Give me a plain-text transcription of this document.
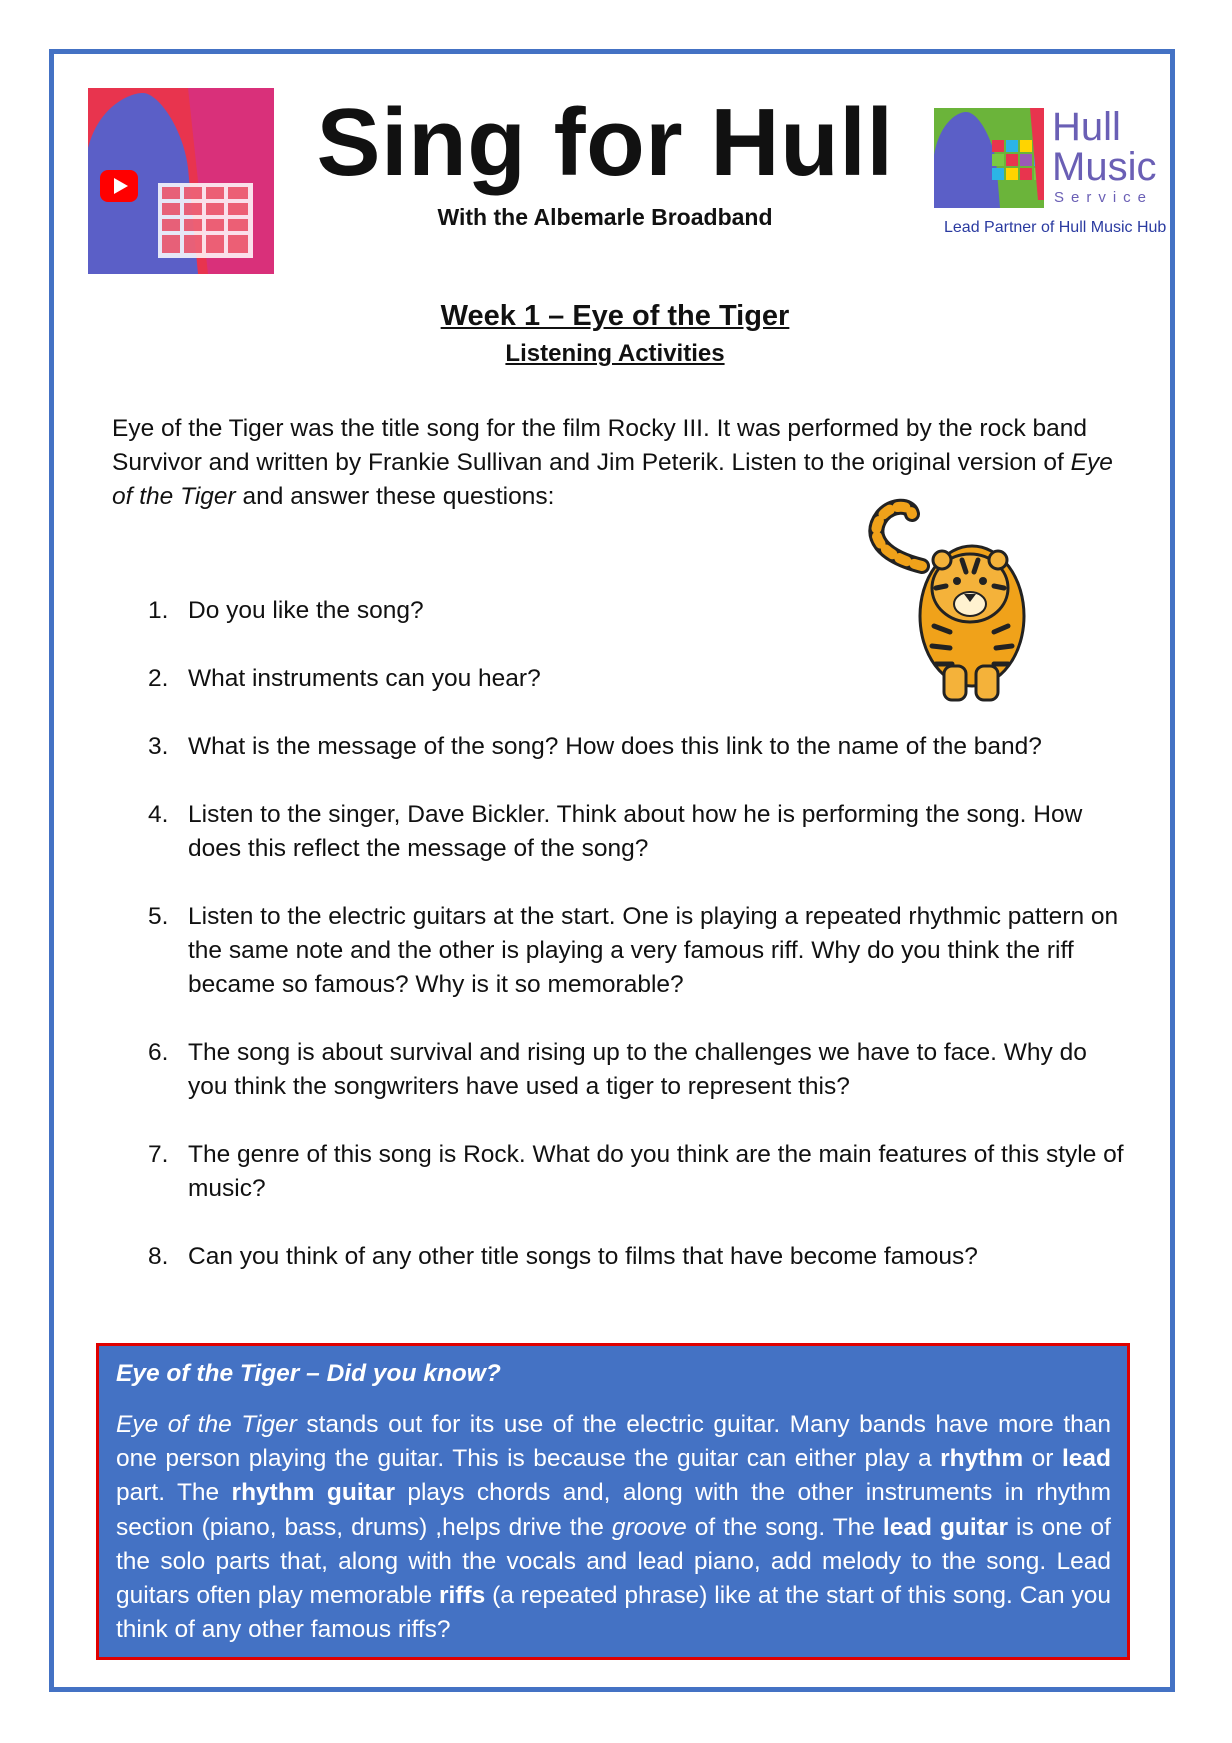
Sing for Hull
With the Albemarle Broadband
Hull
Music
Service
Lead Partner of Hull Music Hub
Week 1 – Eye of the Tiger
Listening Activities

Eye of the Tiger was the title song for the film Rocky III. It was performed by the rock band Survivor and written by Frankie Sullivan and Jim Peterik. Listen to the original version of Eye of the Tiger and answer these questions:

1. Do you like the song?
2. What instruments can you hear?
3. What is the message of the song? How does this link to the name of the band?
4. Listen to the singer, Dave Bickler. Think about how he is performing the song. How does this reflect the message of the song?
5. Listen to the electric guitars at the start. One is playing a repeated rhythmic pattern on the same note and the other is playing a very famous riff. Why do you think the riff became so famous? Why is it so memorable?
6. The song is about survival and rising up to the challenges we have to face. Why do you think the songwriters have used a tiger to represent this?
7. The genre of this song is Rock. What do you think are the main features of this style of music?
8. Can you think of any other title songs to films that have become famous?
Eye of the Tiger – Did you know?

Eye of the Tiger stands out for its use of the electric guitar. Many bands have more than one person playing the guitar. This is because the guitar can either play a rhythm or lead part. The rhythm guitar plays chords and, along with the other instruments in rhythm section (piano, bass, drums) ,helps drive the groove of the song. The lead guitar is one of the solo parts that, along with the vocals and lead piano, add melody to the song. Lead guitars often play memorable riffs (a repeated phrase) like at the start of this song. Can you think of any other famous riffs?
